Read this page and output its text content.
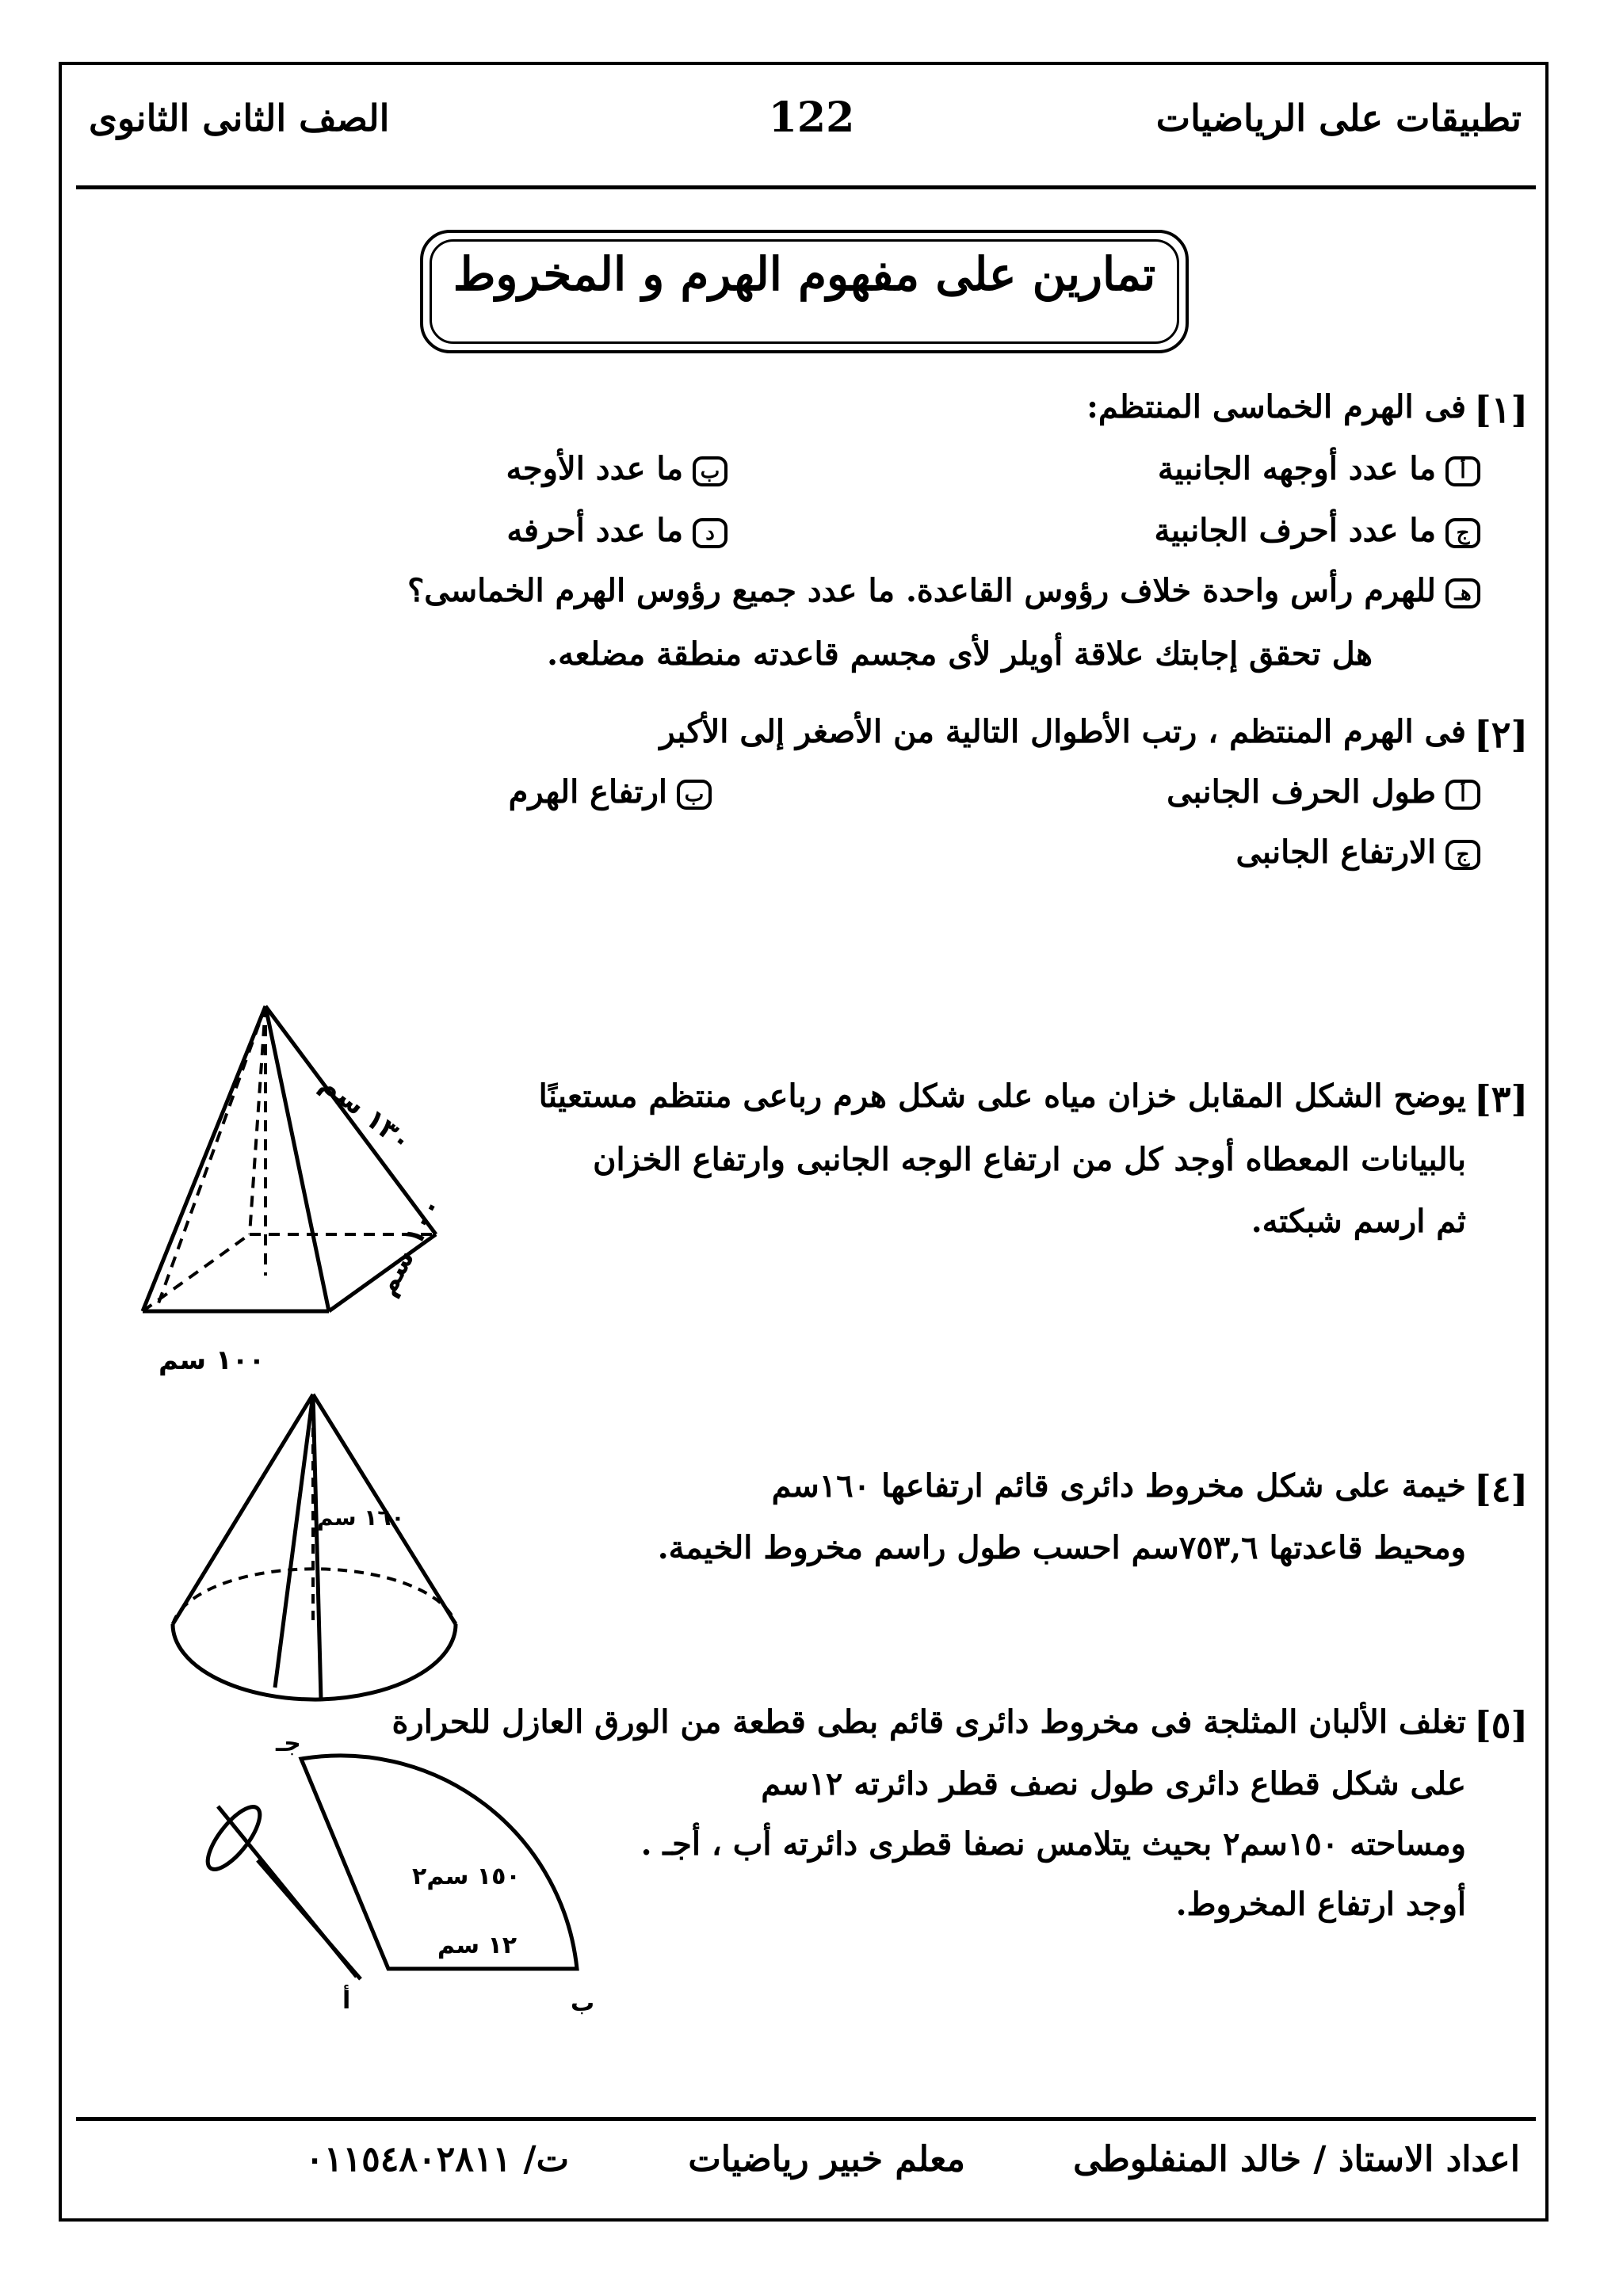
تطبيقات على الرياضيات
122
الصف الثانى الثانوى
تمارين على مفهوم الهرم و المخروط
[١]
فى الهرم الخماسى المنتظم:
أما عدد أوجهه الجانبية
بما عدد الأوجه
جما عدد أحرف الجانبية
دما عدد أحرفه
هـللهرم رأس واحدة خلاف رؤوس القاعدة. ما عدد جميع رؤوس الهرم الخماسى؟
هل تحقق إجابتك علاقة أويلر لأى مجسم قاعدته منطقة مضلعه.
[٢]
فى الهرم المنتظم ، رتب الأطوال التالية من الأصغر إلى الأكبر
أطول الحرف الجانبى
بارتفاع الهرم
جالارتفاع الجانبى
[٣]
يوضح الشكل المقابل خزان مياه على شكل هرم رباعى منتظم مستعينًا
بالبيانات المعطاه أوجد كل من ارتفاع الوجه الجانبى وارتفاع الخزان
ثم ارسم شبكته.
١٣٠ سم
١٠٠ سم
١٠٠ سم
[٤]
خيمة على شكل مخروط دائرى قائم ارتفاعها ١٦٠سم
ومحيط قاعدتها ٧٥٣,٦سم احسب طول راسم مخروط الخيمة.
١٦٠ سم
[٥]
تغلف الألبان المثلجة فى مخروط دائرى قائم بطى قطعة من الورق العازل للحرارة
على شكل قطاع دائرى طول نصف قطر دائرته ١٢سم
ومساحته ١٥٠سم٢ بحيث يتلامس نصفا قطرى دائرته أب ، أجـ .
أوجد ارتفاع المخروط.
١٥٠ سم٢
١٢ سم
أ	ب
جـ
اعداد الاستاذ / خالد المنفلوطى
معلم خبير رياضيات
ت/ ٠١١٥٤٨٠٢٨١١
